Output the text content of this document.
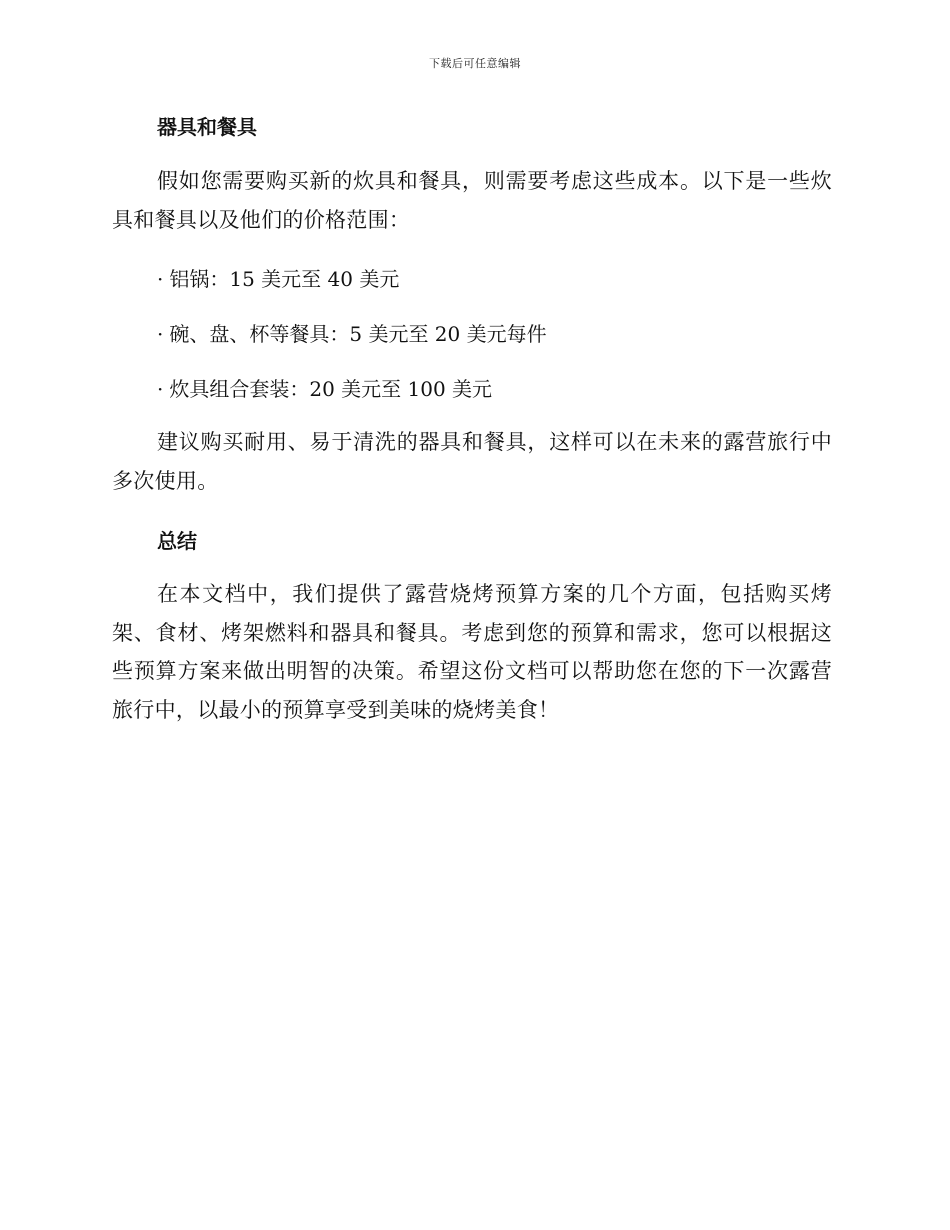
下载后可任意编辑
器具和餐具

假如您需要购买新的炊具和餐具，则需要考虑这些成本。以下是一些炊具和餐具以及他们的价格范围：

· 铝锅：15 美元至 40 美元
· 碗、盘、杯等餐具：5 美元至 20 美元每件
· 炊具组合套装：20 美元至 100 美元

建议购买耐用、易于清洗的器具和餐具，这样可以在未来的露营旅行中多次使用。

总结

在本文档中，我们提供了露营烧烤预算方案的几个方面，包括购买烤架、食材、烤架燃料和器具和餐具。考虑到您的预算和需求，您可以根据这些预算方案来做出明智的决策。希望这份文档可以帮助您在您的下一次露营旅行中，以最小的预算享受到美味的烧烤美食！
